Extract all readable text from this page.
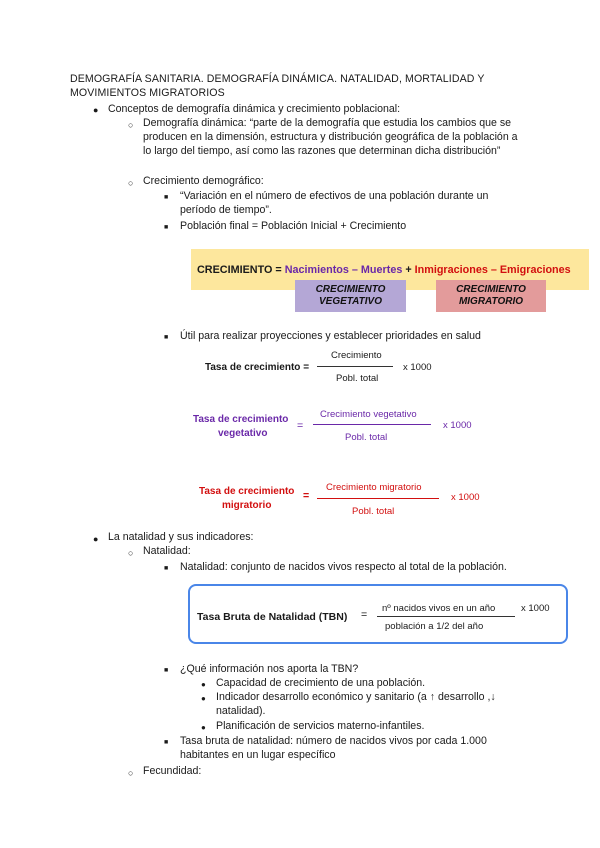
DEMOGRAFÍA SANITARIA. DEMOGRAFÍA DINÁMICA. NATALIDAD, MORTALIDAD Y MOVIMIENTOS MIGRATORIOS
● Conceptos de demografía dinámica y crecimiento poblacional:
○ Demografía dinámica: “parte de la demografía que estudia los cambios que se producen en la dimensión, estructura y distribución geográfica de la población a lo largo del tiempo, así como las razones que determinan dicha distribución”
○ Crecimiento demográfico:
■ “Variación en el número de efectivos de una población durante un período de tiempo”.
■ Población final = Población Inicial + Crecimiento
CRECIMIENTO = Nacimientos – Muertes + Inmigraciones – Emigraciones
CRECIMIENTO
VEGETATIVO
CRECIMIENTO
MIGRATORIO
■ Útil para realizar proyecciones y establecer prioridades en salud
Tasa de crecimiento =
Crecimiento
Pobl. total
x 1000
Tasa de crecimiento
vegetativo
=
Crecimiento vegetativo
Pobl. total
x 1000
Tasa de crecimiento
migratorio
=
Crecimiento migratorio
Pobl. total
x 1000
● La natalidad y sus indicadores:
○ Natalidad:
■ Natalidad: conjunto de nacidos vivos respecto al total de la población.
Tasa Bruta de Natalidad (TBN) =
nº nacidos vivos en un año
población a 1/2 del año
x 1000
■ ¿Qué información nos aporta la TBN?
● Capacidad de crecimiento de una población.
● Indicador desarrollo económico y sanitario (a ↑ desarrollo ,↓ natalidad).
● Planificación de servicios materno-infantiles.
■ Tasa bruta de natalidad: número de nacidos vivos por cada 1.000 habitantes en un lugar específico
○ Fecundidad:
